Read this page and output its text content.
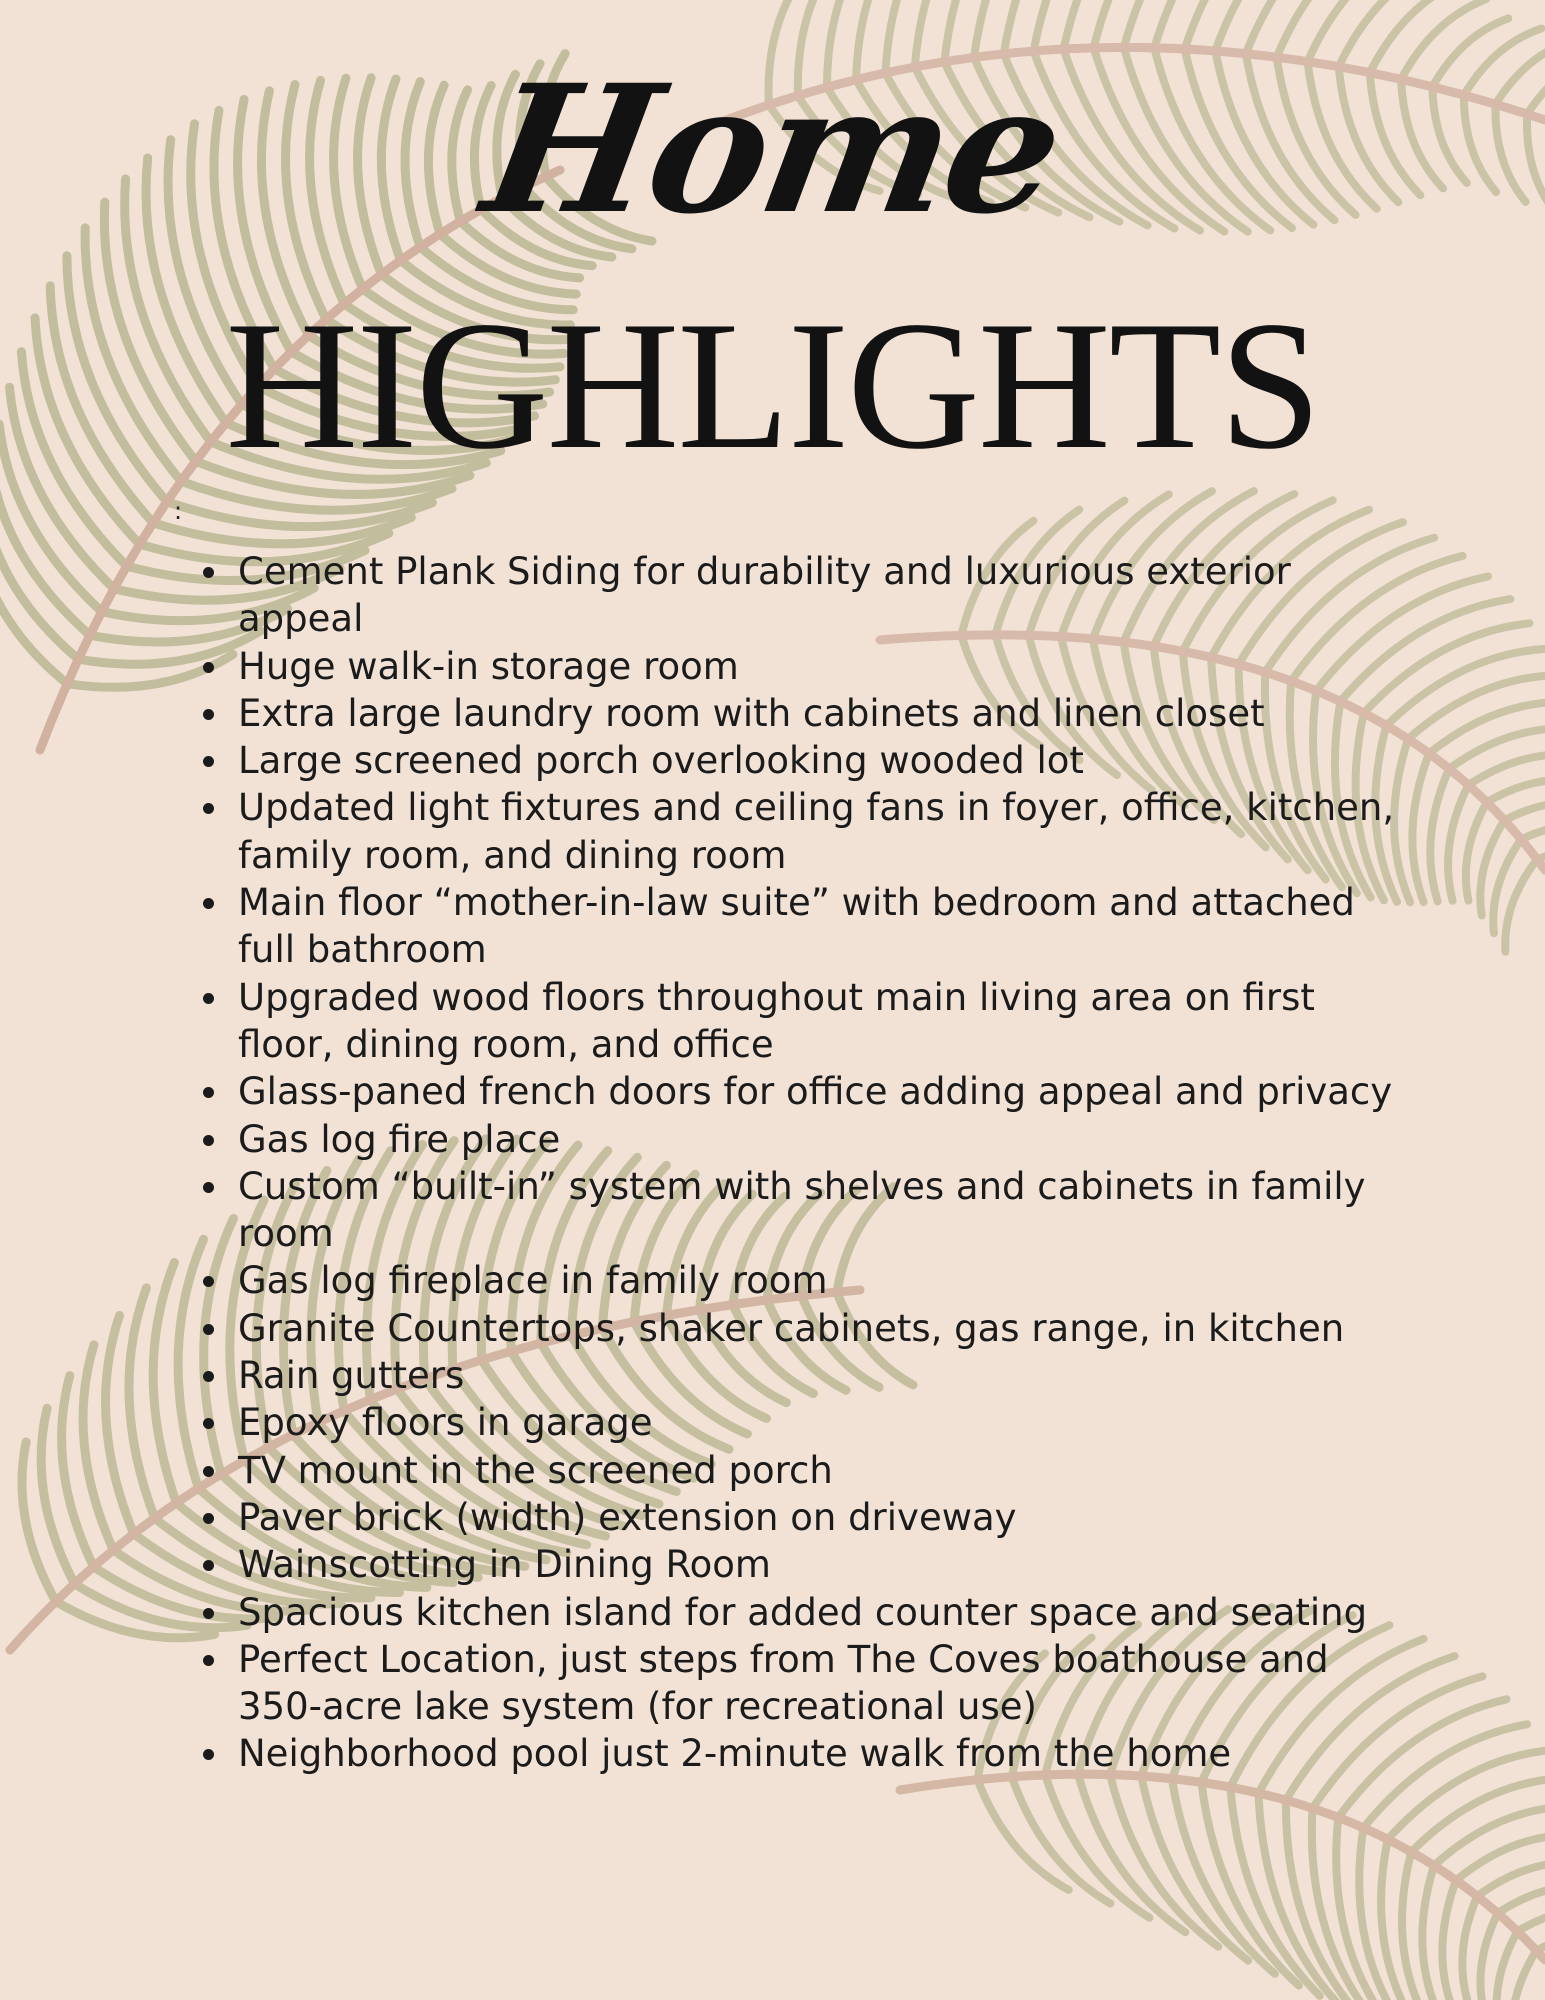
Home
HIGHLIGHTS
:
Cement Plank Siding for durability and luxurious exterior appeal
Huge walk-in storage room
Extra large laundry room with cabinets and linen closet
Large screened porch overlooking wooded lot
Updated light fixtures and ceiling fans in foyer, office, kitchen, family room, and dining room
Main floor “mother-in-law suite” with bedroom and attached full bathroom
Upgraded wood floors throughout main living area on first floor, dining room, and office
Glass-paned french doors for office adding appeal and privacy
Gas log fire place
Custom “built-in” system with shelves and cabinets in family room
Gas log fireplace in family room
Granite Countertops, shaker cabinets, gas range, in kitchen
Rain gutters
Epoxy floors in garage
TV mount in the screened porch
Paver brick (width) extension on driveway
Wainscotting in Dining Room
Spacious kitchen island for added counter space and seating
Perfect Location, just steps from The Coves boathouse and 350-acre lake system (for recreational use)
Neighborhood pool just 2-minute walk from the home
